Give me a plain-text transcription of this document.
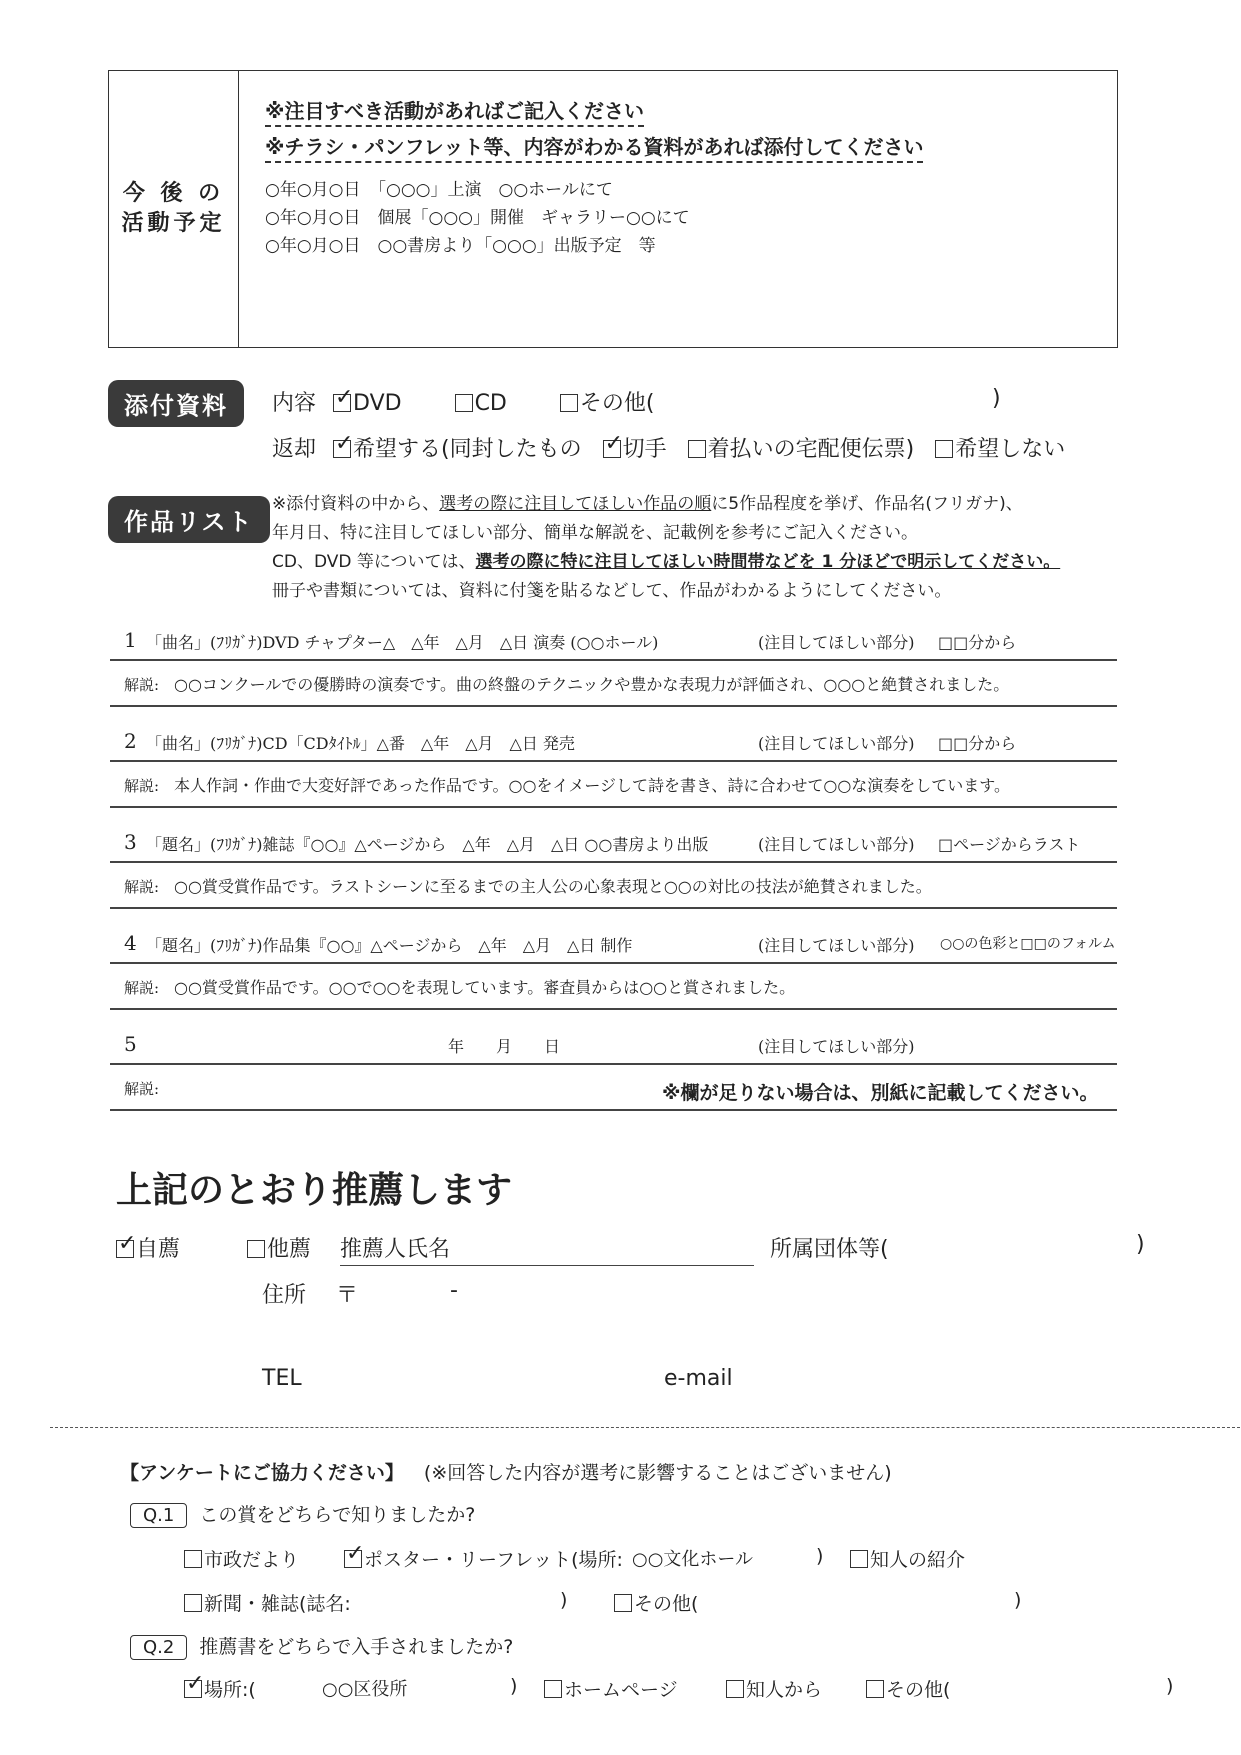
今 後 の
活動予定
※注目すべき活動があればご記入ください
※チラシ・パンフレット等、内容がわかる資料があれば添付してください
○年○月○日　「○○○」上演　○○ホールにて
○年○月○日　個展「○○○」開催　ギャラリー○○にて
○年○月○日　○○書房より「○○○」出版予定　等
添付資料	内容 ✓ DVD	CD	その他(	)
返却 ✓ 希望する(同封したもの ✓ 切手 着払いの宅配便伝票) 希望しない
作品リスト
※添付資料の中から、選考の際に注目してほしい作品の順に5作品程度を挙げ、作品名(フリガナ)、
年月日、特に注目してほしい部分、簡単な解説を、記載例を参考にご記入ください。
CD、DVD 等については、選考の際に特に注目してほしい時間帯などを 1 分ほどで明示してください。
冊子や書類については、資料に付箋を貼るなどして、作品がわかるようにしてください。
1 「曲名」(ﾌﾘｶﾞﾅ)DVD チャプター△　△年　△月　△日 演奏 (○○ホール)	(注目してほしい部分) □□分から
解説: ○○コンクールでの優勝時の演奏です。曲の終盤のテクニックや豊かな表現力が評価され、○○○と絶賛されました。
2 「曲名」(ﾌﾘｶﾞﾅ)CD「CDﾀｲﾄﾙ」△番　△年　△月　△日 発売	(注目してほしい部分) □□分から
解説: 本人作詞・作曲で大変好評であった作品です。○○をイメージして詩を書き、詩に合わせて○○な演奏をしています。
3 「題名」(ﾌﾘｶﾞﾅ)雑誌『○○』△ページから　△年　△月　△日 ○○書房より出版	(注目してほしい部分) □ページからラスト
解説: ○○賞受賞作品です。ラストシーンに至るまでの主人公の心象表現と○○の対比の技法が絶賛されました。
4 「題名」(ﾌﾘｶﾞﾅ)作品集『○○』△ページから　△年　△月　△日 制作	(注目してほしい部分) ○○の色彩と□□のフォルム
解説: ○○賞受賞作品です。○○で○○を表現しています。審査員からは○○と賞されました。
5	年　　月　　日	(注目してほしい部分)
解説:	※欄が足りない場合は、別紙に記載してください。
上記のとおり推薦します
✓自薦	他薦 推薦人氏名	所属団体等(	)
住所 〒	-
TEL	e-mail
【アンケートにご協力ください】 (※回答した内容が選考に影響することはございません)
Q.1 この賞をどちらで知りましたか?
市政だより ✓	ポスター・リーフレット(場所: ○○文化ホール	)	知人の紹介
新聞・雑誌(誌名:	)	その他(	)
Q.2 推薦書をどちらで入手されましたか?
✓場所:(	○○区役所	)	ホームページ	知人から	その他(	)
